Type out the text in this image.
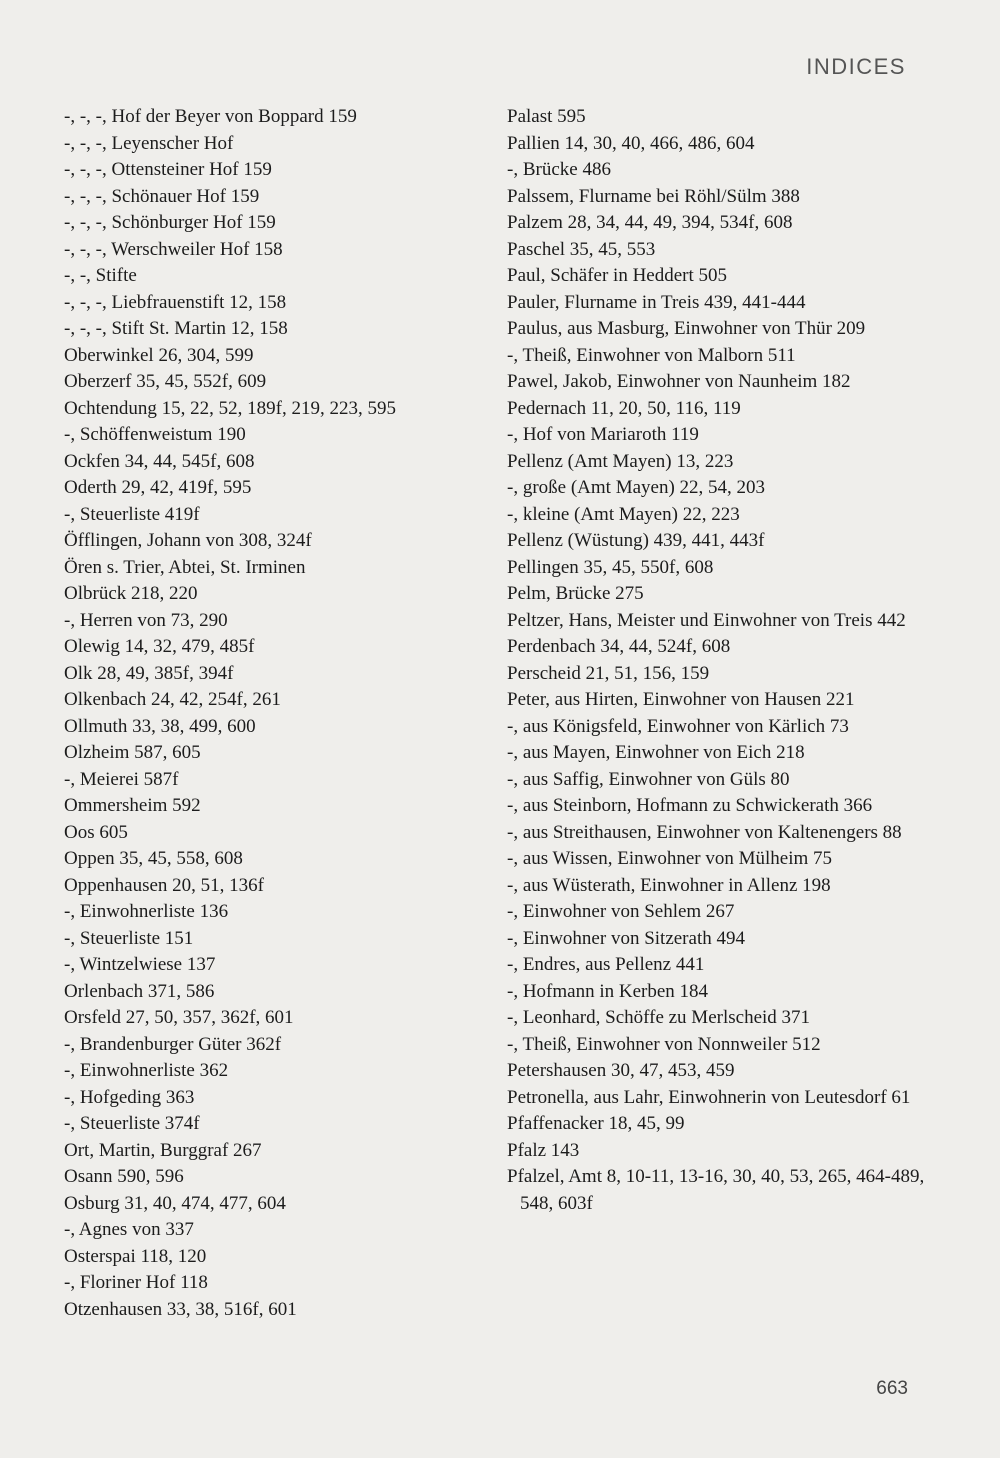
INDICES
-, -, -, Hof der Beyer von Boppard 159
-, -, -, Leyenscher Hof
-, -, -, Ottensteiner Hof 159
-, -, -, Schönauer Hof 159
-, -, -, Schönburger Hof 159
-, -, -, Werschweiler Hof 158
-, -, Stifte
-, -, -, Liebfrauenstift 12, 158
-, -, -, Stift St. Martin 12, 158
Oberwinkel 26, 304, 599
Oberzerf 35, 45, 552f, 609
Ochtendung 15, 22, 52, 189f, 219, 223, 595
-, Schöffenweistum 190
Ockfen 34, 44, 545f, 608
Oderth 29, 42, 419f, 595
-, Steuerliste 419f
Öfflingen, Johann von 308, 324f
Ören s. Trier, Abtei, St. Irminen
Olbrück 218, 220
-, Herren von 73, 290
Olewig 14, 32, 479, 485f
Olk 28, 49, 385f, 394f
Olkenbach 24, 42, 254f, 261
Ollmuth 33, 38, 499, 600
Olzheim 587, 605
-, Meierei 587f
Ommersheim 592
Oos 605
Oppen 35, 45, 558, 608
Oppenhausen 20, 51, 136f
-, Einwohnerliste 136
-, Steuerliste 151
-, Wintzelwiese 137
Orlenbach 371, 586
Orsfeld 27, 50, 357, 362f, 601
-, Brandenburger Güter 362f
-, Einwohnerliste 362
-, Hofgeding 363
-, Steuerliste 374f
Ort, Martin, Burggraf 267
Osann 590, 596
Osburg 31, 40, 474, 477, 604
-, Agnes von 337
Osterspai 118, 120
-, Floriner Hof 118
Otzenhausen 33, 38, 516f, 601
Palast 595
Pallien 14, 30, 40, 466, 486, 604
-, Brücke 486
Palssem, Flurname bei Röhl/Sülm 388
Palzem 28, 34, 44, 49, 394, 534f, 608
Paschel 35, 45, 553
Paul, Schäfer in Heddert 505
Pauler, Flurname in Treis 439, 441-444
Paulus, aus Masburg, Einwohner von Thür 209
-, Theiß, Einwohner von Malborn 511
Pawel, Jakob, Einwohner von Naunheim 182
Pedernach 11, 20, 50, 116, 119
-, Hof von Mariaroth 119
Pellenz (Amt Mayen) 13, 223
-, große (Amt Mayen) 22, 54, 203
-, kleine (Amt Mayen) 22, 223
Pellenz (Wüstung) 439, 441, 443f
Pellingen 35, 45, 550f, 608
Pelm, Brücke 275
Peltzer, Hans, Meister und Einwohner von Treis 442
Perdenbach 34, 44, 524f, 608
Perscheid 21, 51, 156, 159
Peter, aus Hirten, Einwohner von Hausen 221
-, aus Königsfeld, Einwohner von Kärlich 73
-, aus Mayen, Einwohner von Eich 218
-, aus Saffig, Einwohner von Güls 80
-, aus Steinborn, Hofmann zu Schwickerath 366
-, aus Streithausen, Einwohner von Kaltenengers 88
-, aus Wissen, Einwohner von Mülheim 75
-, aus Wüsterath, Einwohner in Allenz 198
-, Einwohner von Sehlem 267
-, Einwohner von Sitzerath 494
-, Endres, aus Pellenz 441
-, Hofmann in Kerben 184
-, Leonhard, Schöffe zu Merlscheid 371
-, Theiß, Einwohner von Nonnweiler 512
Petershausen 30, 47, 453, 459
Petronella, aus Lahr, Einwohnerin von Leutesdorf 61
Pfaffenacker 18, 45, 99
Pfalz 143
Pfalzel, Amt 8, 10-11, 13-16, 30, 40, 53, 265, 464-489, 548, 603f
663
